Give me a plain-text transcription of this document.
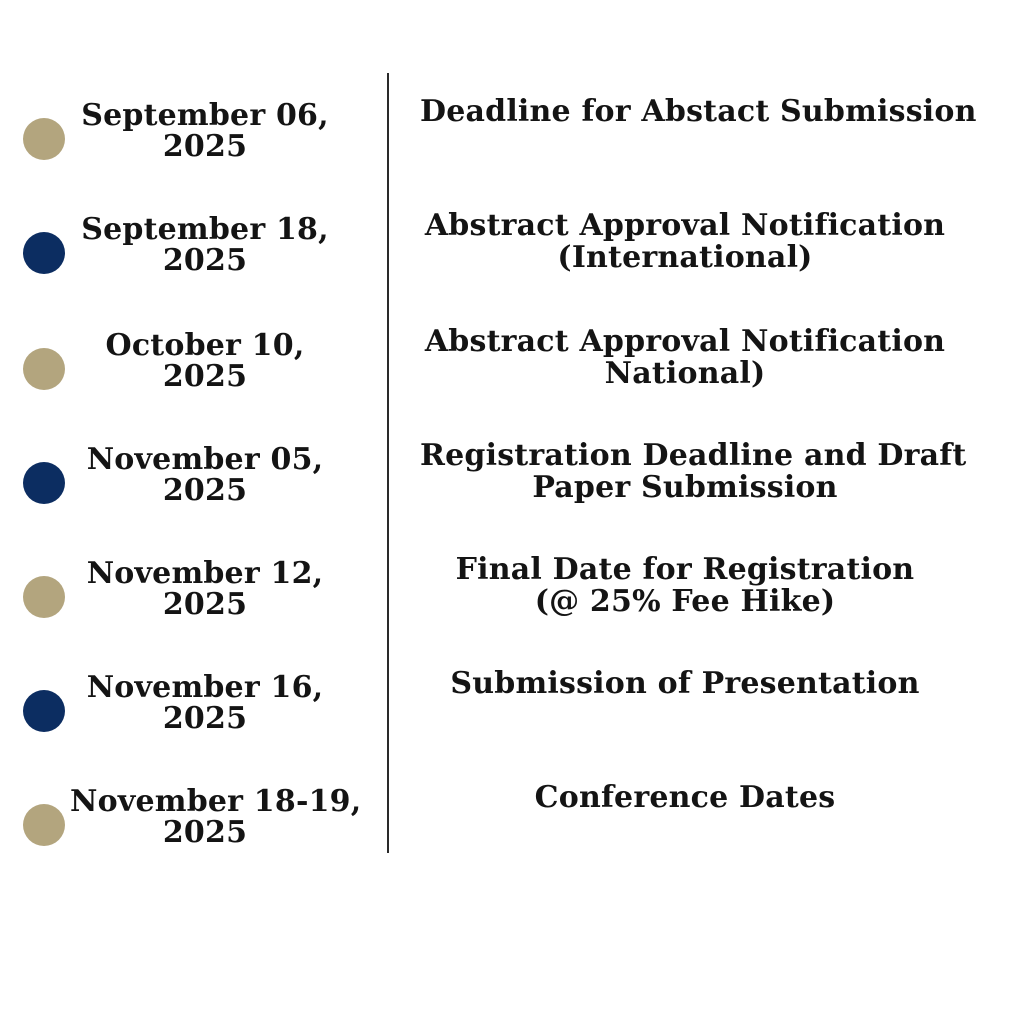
September 06,
2025
Deadline for Abstact Submission
September 18,
2025
Abstract Approval Notification
(International)
October 10,
2025
Abstract Approval Notification
National)
November 05,
2025
Registration Deadline and Draft
Paper Submission
November 12,
2025
Final Date for Registration
(@ 25% Fee Hike)
November 16,
2025
Submission of Presentation
November 18-19,
2025
Conference Dates
